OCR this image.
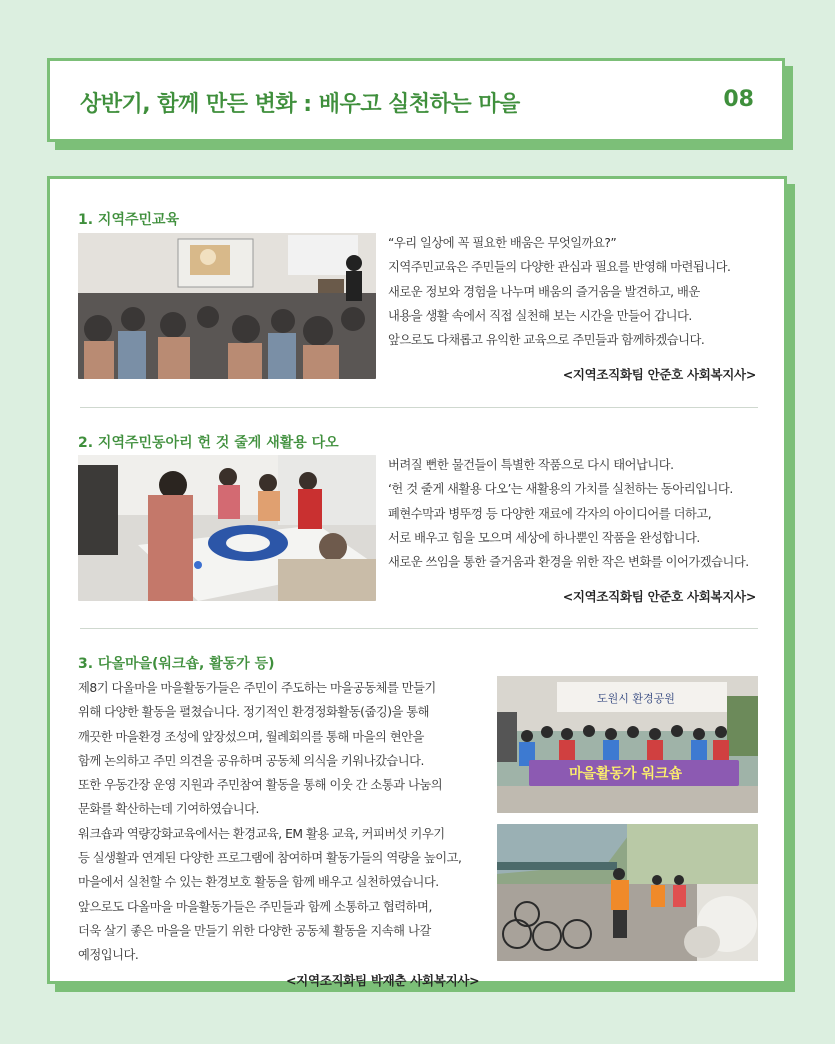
상반기, 함께 만든 변화 : 배우고 실천하는 마을	08
1. 지역주민교육
“우리 일상에 꼭 필요한 배움은 무엇일까요?”
지역주민교육은 주민들의 다양한 관심과 필요를 반영해 마련됩니다.
새로운 정보와 경험을 나누며 배움의 즐거움을 발견하고, 배운
내용을 생활 속에서 직접 실천해 보는 시간을 만들어 갑니다.
앞으로도 다채롭고 유익한 교육으로 주민들과 함께하겠습니다.
<지역조직화팀 안준호 사회복지사>
2. 지역주민동아리 헌 것 줄게 새활용 다오
버려질 뻔한 물건들이 특별한 작품으로 다시 태어납니다.
‘헌 것 줄게 새활용 다오’는 새활용의 가치를 실천하는 동아리입니다.
폐현수막과 병뚜껑 등 다양한 재료에 각자의 아이디어를 더하고,
서로 배우고 힘을 모으며 세상에 하나뿐인 작품을 완성합니다.
새로운 쓰임을 통한 즐거움과 환경을 위한 작은 변화를 이어가겠습니다.
<지역조직화팀 안준호 사회복지사>
3. 다올마을(워크숍, 활동가 등)
제8기 다올마을 마을활동가들은 주민이 주도하는 마을공동체를 만들기
위해 다양한 활동을 펼쳤습니다. 정기적인 환경정화활동(줍깅)을 통해
깨끗한 마을환경 조성에 앞장섰으며, 월례회의를 통해 마을의 현안을
함께 논의하고 주민 의견을 공유하며 공동체 의식을 키워나갔습니다.
또한 우동간장 운영 지원과 주민참여 활동을 통해 이웃 간 소통과 나눔의
문화를 확산하는데 기여하였습니다.
워크숍과 역량강화교육에서는 환경교육, EM 활용 교육, 커피버섯 키우기
등 실생활과 연계된 다양한 프로그램에 참여하며 활동가들의 역량을 높이고,
마을에서 실천할 수 있는 환경보호 활동을 함께 배우고 실천하였습니다.
앞으로도 다올마을 마을활동가들은 주민들과 함께 소통하고 협력하며,
더욱 살기 좋은 마을을 만들기 위한 다양한 공동체 활동을 지속해 나갈
예정입니다.
<지역조직화팀 박재춘 사회복지사>
도원시 환경공원
마을활동가 워크숍
